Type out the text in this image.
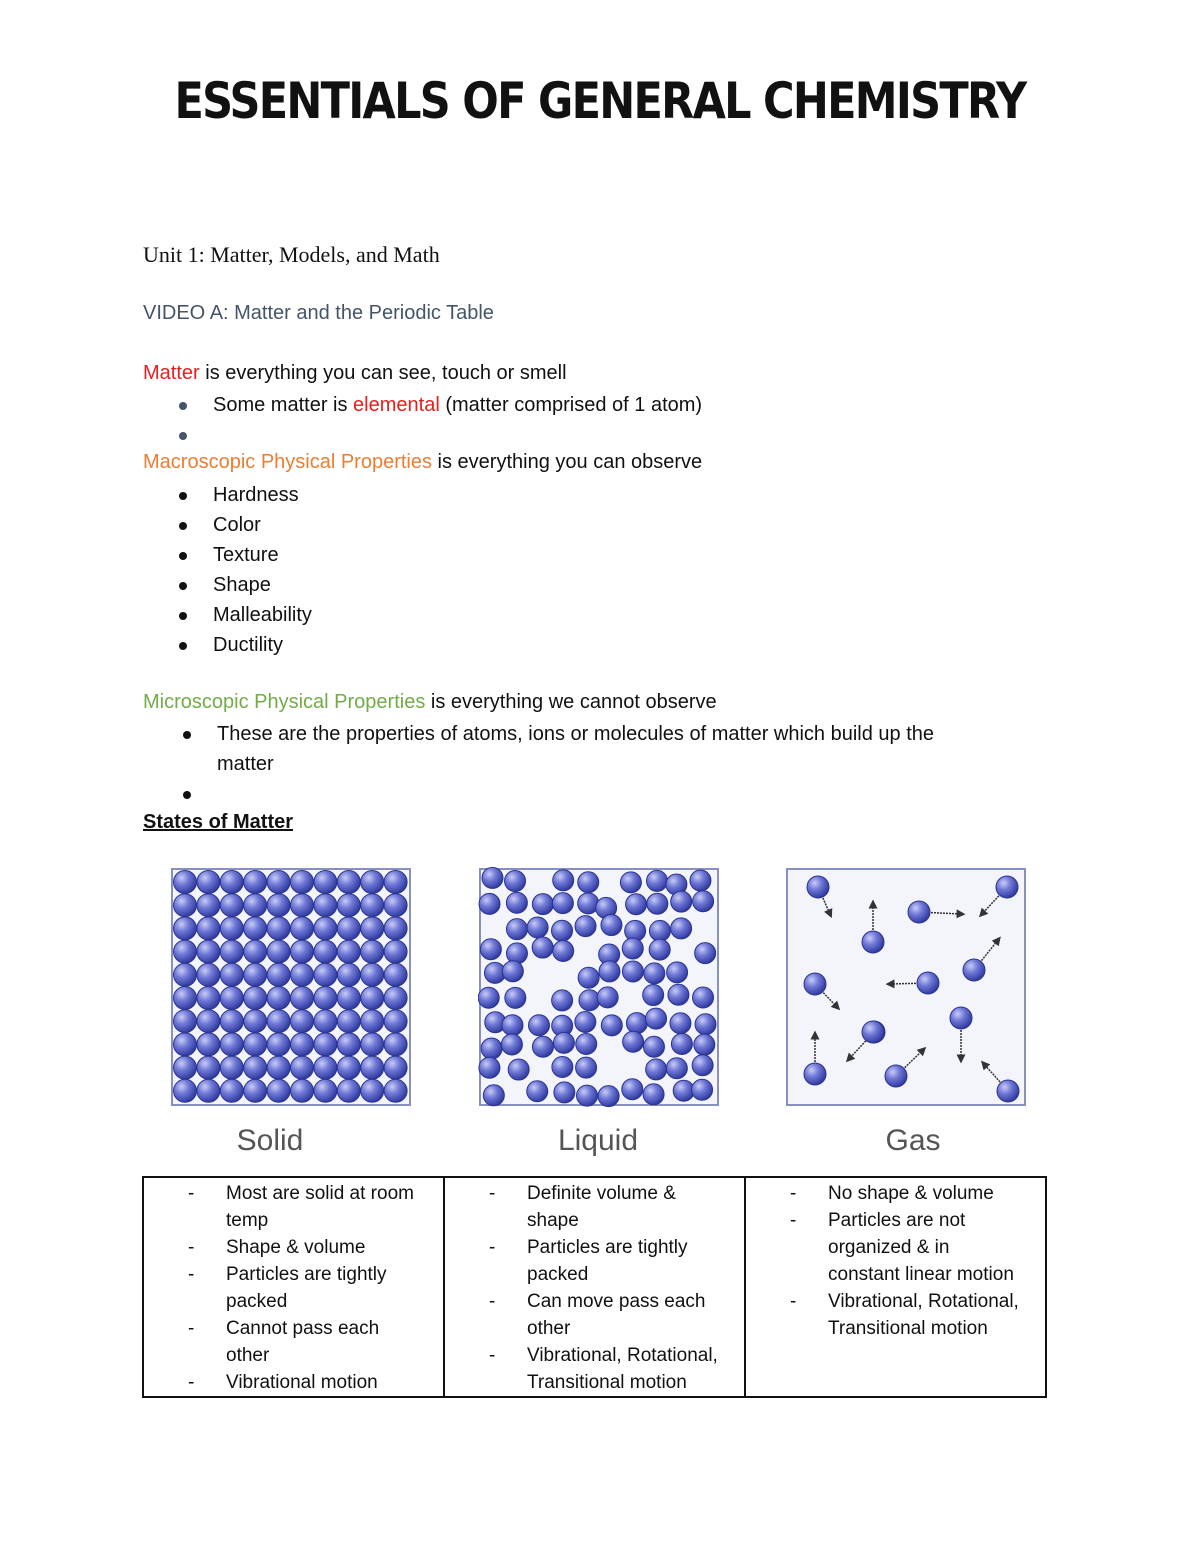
ESSENTIALS OF GENERAL CHEMISTRY
Unit 1: Matter, Models, and Math
VIDEO A: Matter and the Periodic Table
Matter is everything you can see, touch or smell
Some matter is elemental (matter comprised of 1 atom)

Macroscopic Physical Properties is everything you can observe
Hardness
Color
Texture
Shape
Malleability
Ductility
Microscopic Physical Properties is everything we cannot observe
These are the properties of atoms, ions or molecules of matter which build up the
matter

States of Matter
Solid	Liquid	Gas
- Most are solid at room
temp
- Shape & volume
- Particles are tightly
packed
- Cannot pass each
other
- Vibrational motion

- Definite volume &
shape
- Particles are tightly
packed
- Can move pass each
other
- Vibrational, Rotational,
Transitional motion

- No shape & volume
- Particles are not
organized & in
constant linear motion
- Vibrational, Rotational,
Transitional motion
